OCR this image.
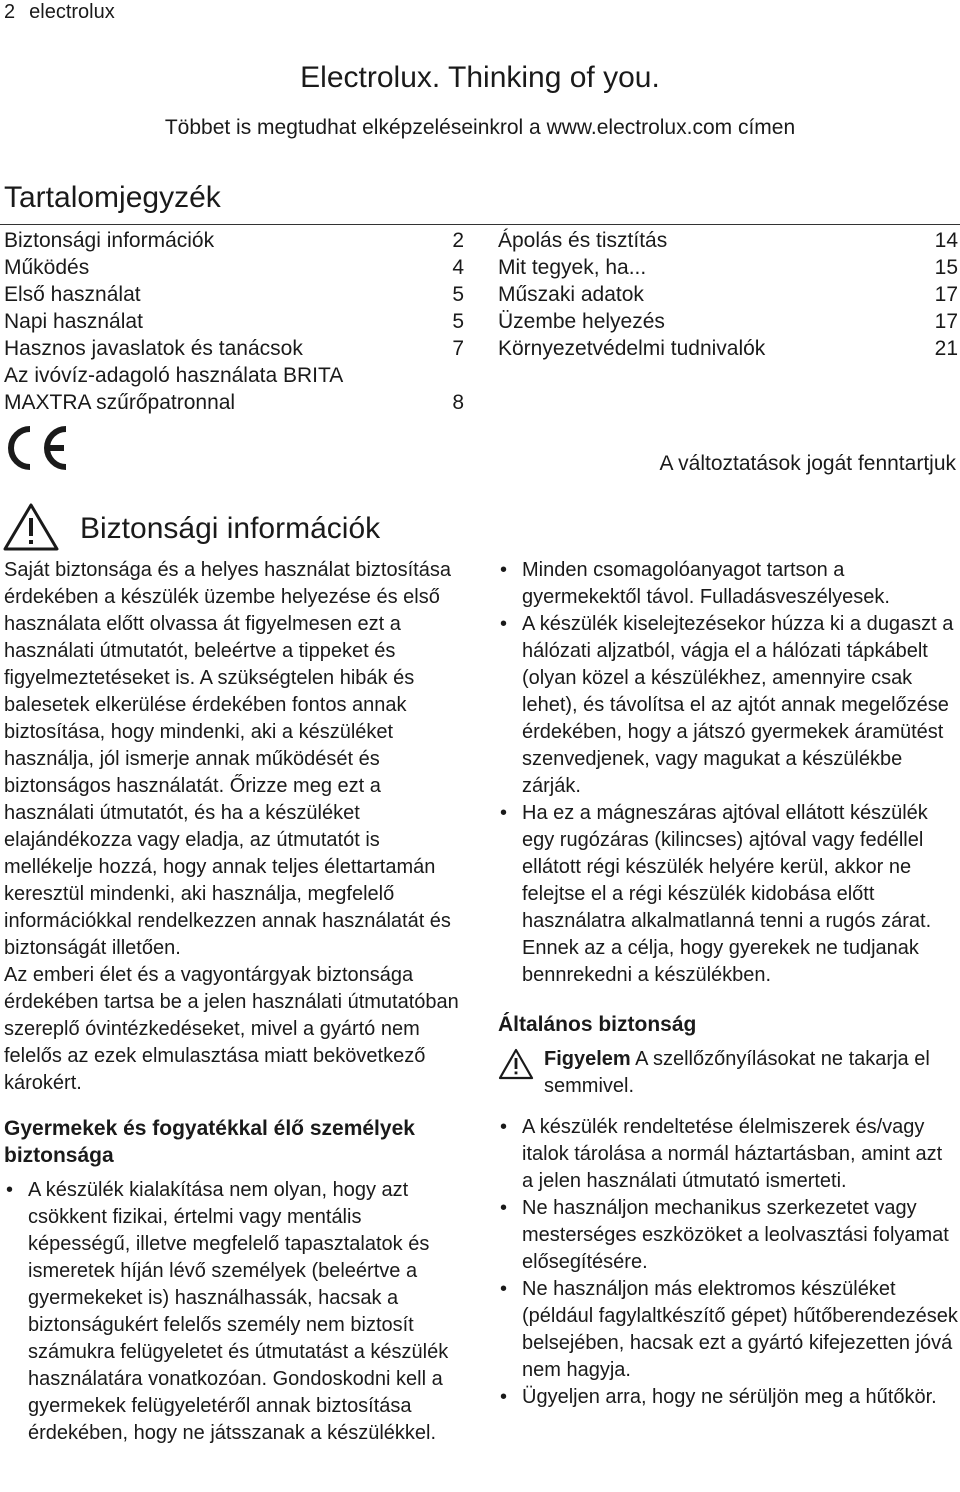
2 electrolux
Electrolux. Thinking of you.
Többet is megtudhat elképzeléseinkrol a www.electrolux.com címen
Tartalomjegyzék
Biztonsági információk	2
Működés	4
Első használat	5
Napi használat	5
Hasznos javaslatok és tanácsok	7
Az ivóvíz-adagoló használata BRITA MAXTRA szűrőpatronnal	8
Ápolás és tisztítás	14
Mit tegyek, ha...	15
Műszaki adatok	17
Üzembe helyezés	17
Környezetvédelmi tudnivalók	21
A változtatások jogát fenntartjuk
Biztonsági információk

Saját biztonsága és a helyes használat biztosítása érdekében a készülék üzembe helyezése és első használata előtt olvassa át figyelmesen ezt a használati útmutatót, beleértve a tippeket és figyelmeztetéseket is. A szükségtelen hibák és balesetek elkerülése érdekében fontos annak biztosítása, hogy mindenki, aki a készüléket használja, jól ismerje annak működését és biztonságos használatát. Őrizze meg ezt a használati útmutatót, és ha a készüléket elajándékozza vagy eladja, az útmutatót is mellékelje hozzá, hogy annak teljes élettartamán keresztül mindenki, aki használja, megfelelő információkkal rendelkezzen annak használatát és biztonságát illetően.

Az emberi élet és a vagyontárgyak biztonsága érdekében tartsa be a jelen használati útmutatóban szereplő óvintézkedéseket, mivel a gyártó nem felelős az ezek elmulasztása miatt bekövetkező károkért.

Gyermekek és fogyatékkal élő személyek biztonsága
• A készülék kialakítása nem olyan, hogy azt csökkent fizikai, értelmi vagy mentális képességű, illetve megfelelő tapasztalatok és ismeretek híján lévő személyek (beleértve a gyermekeket is) használhassák, hacsak a biztonságukért felelős személy nem biztosít számukra felügyeletet és útmutatást a készülék használatára vonatkozóan. Gondoskodni kell a gyermekek felügyeletéről annak biztosítása érdekében, hogy ne játsszanak a készülékkel.
• Minden csomagolóanyagot tartson a gyermekektől távol. Fulladásveszélyesek.
• A készülék kiselejtezésekor húzza ki a dugaszt a hálózati aljzatból, vágja el a hálózati tápkábelt (olyan közel a készülékhez, amennyire csak lehet), és távolítsa el az ajtót annak megelőzése érdekében, hogy a játszó gyermekek áramütést szenvedjenek, vagy magukat a készülékbe zárják.
• Ha ez a mágneszáras ajtóval ellátott készülék egy rugózáras (kilincses) ajtóval vagy fedéllel ellátott régi készülék helyére kerül, akkor ne felejtse el a régi készülék kidobása előtt használatra alkalmatlanná tenni a rugós zárat. Ennek az a célja, hogy gyerekek ne tudjanak bennrekedni a készülékben.
Általános biztonság
Figyelem A szellőzőnyílásokat ne takarja el semmivel.
• A készülék rendeltetése élelmiszerek és/vagy italok tárolása a normál háztartásban, amint azt a jelen használati útmutató ismerteti.
• Ne használjon mechanikus szerkezetet vagy mesterséges eszközöket a leolvasztási folyamat elősegítésére.
• Ne használjon más elektromos készüléket (például fagylaltkészítő gépet) hűtőberendezések belsejében, hacsak ezt a gyártó kifejezetten jóvá nem hagyja.
• Ügyeljen arra, hogy ne sérüljön meg a hűtőkör.
